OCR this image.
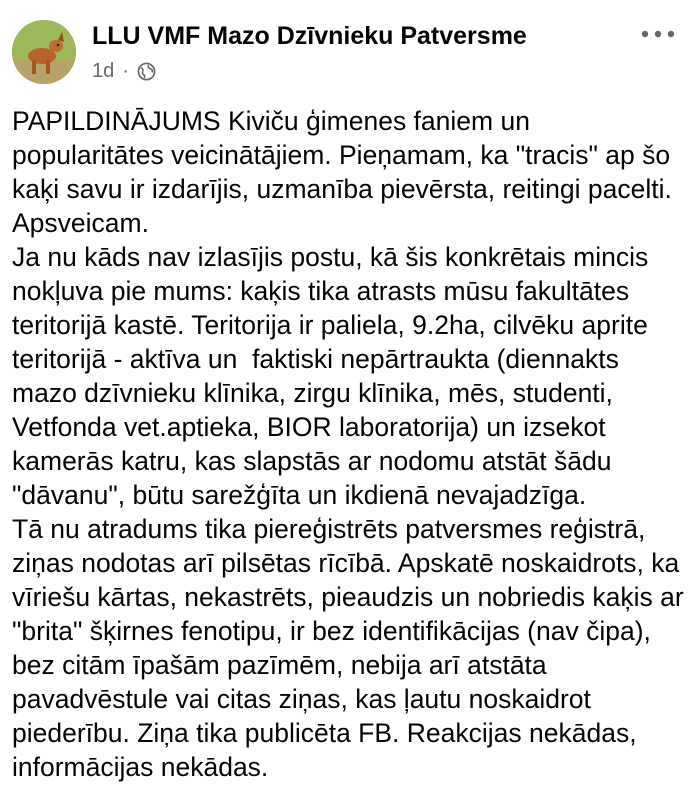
LLU VMF Mazo Dzīvnieku Patversme
1d ·

PAPILDINĀJUMS Kiviču ģimenes faniem un popularitātes veicinātājiem. Pieņamam, ka "tracis" ap šo kaķi savu ir izdarījis, uzmanība pievērsta, reitingi pacelti. Apsveicam.

Ja nu kāds nav izlasījis postu, kā šis konkrētais mincis nokļuva pie mums: kaķis tika atrasts mūsu fakultātes teritorijā kastē. Teritorija ir paliela, 9.2ha, cilvēku aprite teritorijā - aktīva un  faktiski nepārtraukta (diennakts mazo dzīvnieku klīnika, zirgu klīnika, mēs, studenti, Vetfonda vet.aptieka, BIOR laboratorija) un izsekot kamerās katru, kas slapstās ar nodomu atstāt šādu "dāvanu", būtu sarežģīta un ikdienā nevajadzīga.

Tā nu atradums tika piereģistrēts patversmes reģistrā, ziņas nodotas arī pilsētas rīcībā. Apskatē noskaidrots, ka vīriešu kārtas, nekastrēts, pieaudzis un nobriedis kaķis ar "brita" šķirnes fenotipu, ir bez identifikācijas (nav čipa), bez citām īpašām pazīmēm, nebija arī atstāta pavadvēstule vai citas ziņas, kas ļautu noskaidrot piederību. Ziņa tika publicēta FB. Reakcijas nekādas, informācijas nekādas.
